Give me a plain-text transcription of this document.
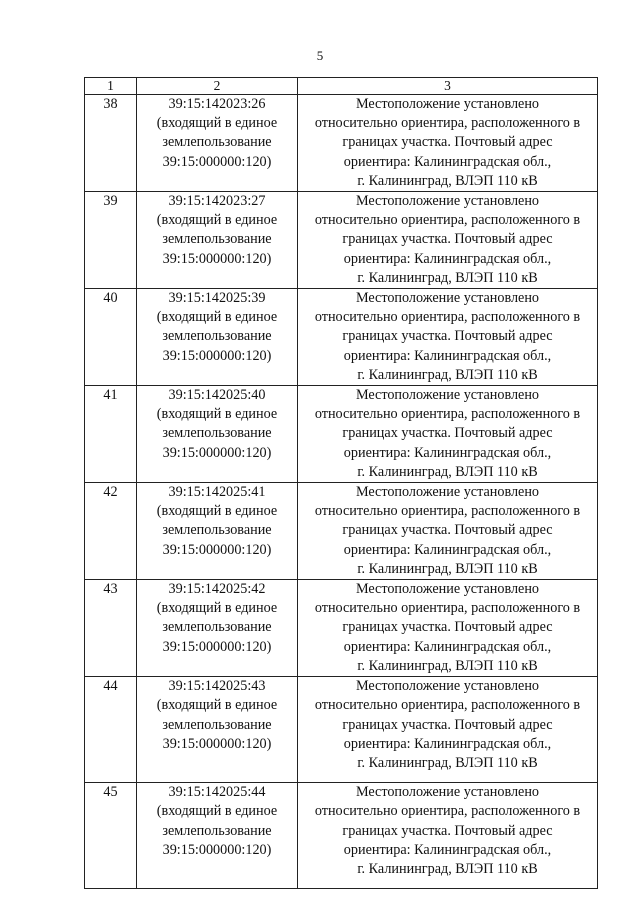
5
1	2	3
38	39:15:142023:26
(входящий в единое
землепользование
39:15:000000:120)	Местоположение установлено
относительно ориентира, расположенного в
границах участка. Почтовый адрес
ориентира: Калининградская обл.,
г. Калининград, ВЛЭП 110 кВ

39	39:15:142023:27
(входящий в единое
землепользование
39:15:000000:120)	Местоположение установлено
относительно ориентира, расположенного в
границах участка. Почтовый адрес
ориентира: Калининградская обл.,
г. Калининград, ВЛЭП 110 кВ

40	39:15:142025:39
(входящий в единое
землепользование
39:15:000000:120)	Местоположение установлено
относительно ориентира, расположенного в
границах участка. Почтовый адрес
ориентира: Калининградская обл.,
г. Калининград, ВЛЭП 110 кВ

41	39:15:142025:40
(входящий в единое
землепользование
39:15:000000:120)	Местоположение установлено
относительно ориентира, расположенного в
границах участка. Почтовый адрес
ориентира: Калининградская обл.,
г. Калининград, ВЛЭП 110 кВ

42	39:15:142025:41
(входящий в единое
землепользование
39:15:000000:120)	Местоположение установлено
относительно ориентира, расположенного в
границах участка. Почтовый адрес
ориентира: Калининградская обл.,
г. Калининград, ВЛЭП 110 кВ

43	39:15:142025:42
(входящий в единое
землепользование
39:15:000000:120)	Местоположение установлено
относительно ориентира, расположенного в
границах участка. Почтовый адрес
ориентира: Калининградская обл.,
г. Калининград, ВЛЭП 110 кВ

44	39:15:142025:43
(входящий в единое
землепользование
39:15:000000:120)	Местоположение установлено
относительно ориентира, расположенного в
границах участка. Почтовый адрес
ориентира: Калининградская обл.,
г. Калининград, ВЛЭП 110 кВ

45	39:15:142025:44
(входящий в единое
землепользование
39:15:000000:120)	Местоположение установлено
относительно ориентира, расположенного в
границах участка. Почтовый адрес
ориентира: Калининградская обл.,
г. Калининград, ВЛЭП 110 кВ
